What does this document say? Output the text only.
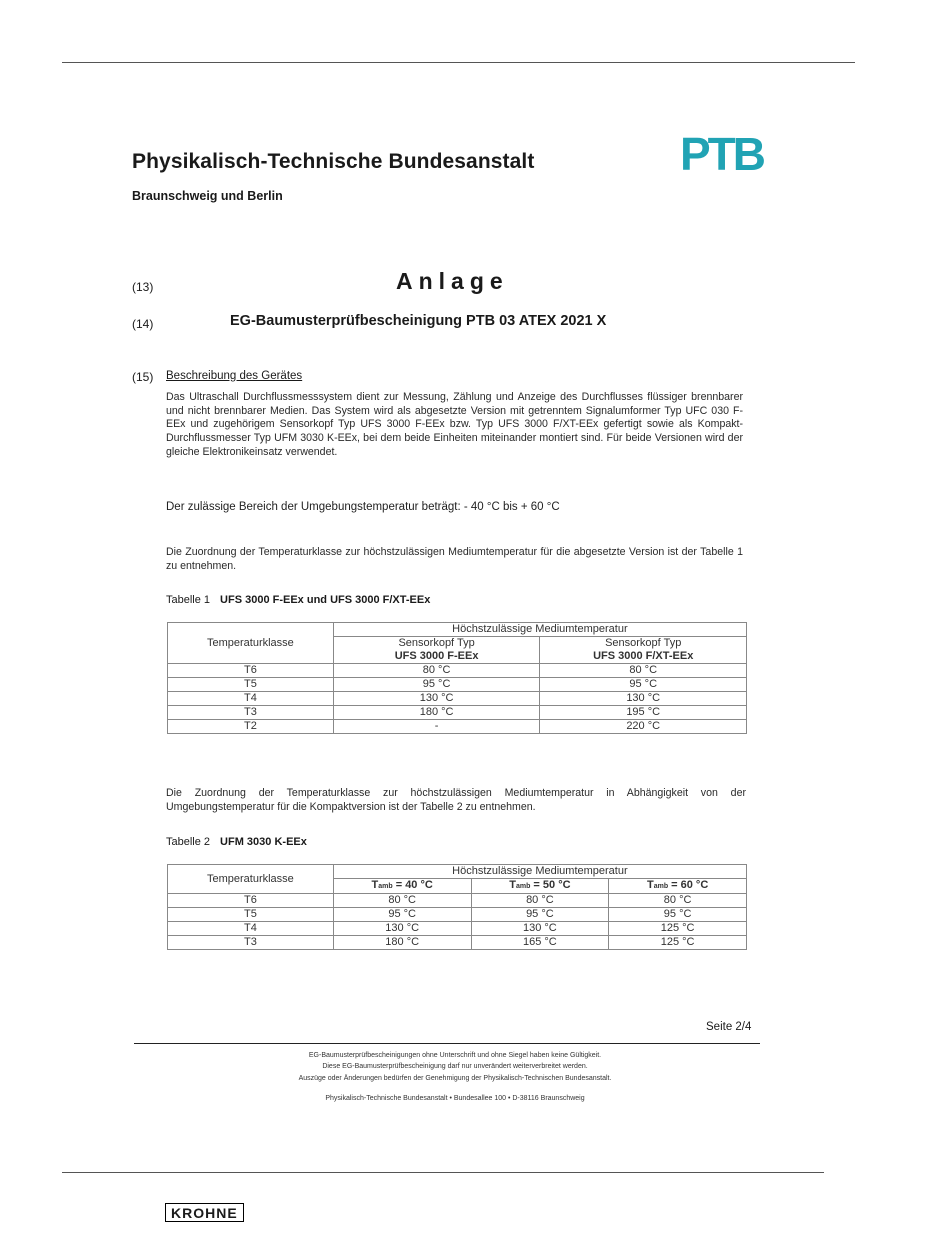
Physikalisch-Technische Bundesanstalt
Braunschweig und Berlin
PTB
(13)	Anlage
(14)	EG-Baumusterprüfbescheinigung PTB 03 ATEX 2021 X
(15) Beschreibung des Gerätes
Das Ultraschall Durchflussmesssystem dient zur Messung, Zählung und Anzeige des Durchflusses flüssiger brennbarer und nicht brennbarer Medien. Das System wird als abgesetzte Version mit getrenntem Signalumformer Typ UFC 030 F-EEx und zugehörigem Sensorkopf Typ UFS 3000 F-EEx bzw. Typ UFS 3000 F/XT-EEx gefertigt sowie als Kompakt-Durchflussmesser Typ UFM 3030 K-EEx, bei dem beide Einheiten miteinander montiert sind. Für beide Versionen wird der gleiche Elektronikeinsatz verwendet.
Der zulässige Bereich der Umgebungstemperatur beträgt: - 40 °C bis + 60 °C
Die Zuordnung der Temperaturklasse zur höchstzulässigen Mediumtemperatur für die abgesetzte Version ist der Tabelle 1 zu entnehmen.
Tabelle 1 UFS 3000 F-EEx und UFS 3000 F/XT-EEx
Temperaturklasse	Höchstzulässige Mediumtemperatur	
	Sensorkopf Typ	Sensorkopf Typ
	UFS 3000 F-EEx	UFS 3000 F/XT-EEx
T6	80 °C	80 °C
T5	95 °C	95 °C
T4	130 °C	130 °C
T3	180 °C	195 °C
T2	-	220 °C
Die Zuordnung der Temperaturklasse zur höchstzulässigen Mediumtemperatur in Abhängigkeit von der Umgebungstemperatur für die Kompaktversion ist der Tabelle 2 zu entnehmen.
Tabelle 2 UFM 3030 K-EEx
Temperaturklasse	Höchstzulässige Mediumtemperatur		
	Tamb = 40 °C	Tamb = 50 °C	Tamb = 60 °C
T6	80 °C	80 °C	80 °C
T5	95 °C	95 °C	95 °C
T4	130 °C	130 °C	125 °C
T3	180 °C	165 °C	125 °C
Seite 2/4
EG-Baumusterprüfbescheinigungen ohne Unterschrift und ohne Siegel haben keine Gültigkeit.
Diese EG-Baumusterprüfbescheinigung darf nur unverändert weiterverbreitet werden.
Auszüge oder Änderungen bedürfen der Genehmigung der Physikalisch-Technischen Bundesanstalt.
Physikalisch-Technische Bundesanstalt • Bundesallee 100 • D-38116 Braunschweig
KROHNE
